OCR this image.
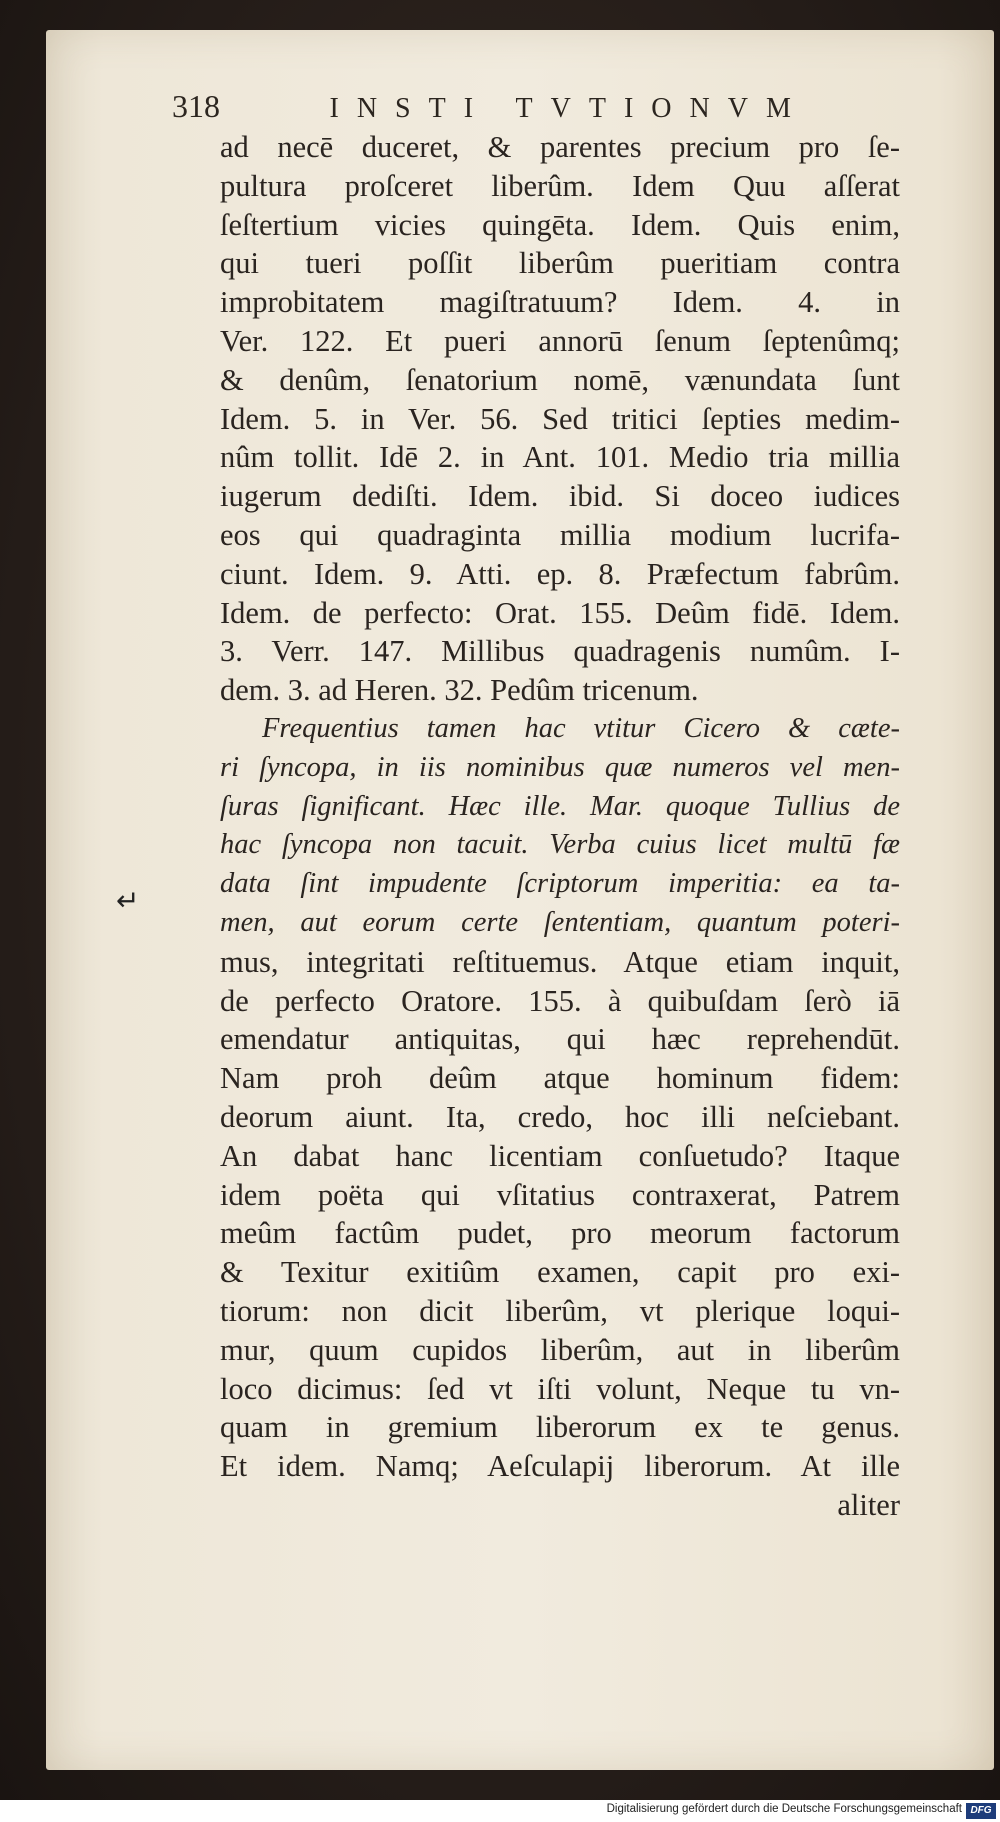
318	INSTI TVTIONVM
↵
ad necē duceret, & parentes precium pro ſe-
pultura proſceret liberûm. Idem Quu aſſerat
ſeſtertium vicies quingēta. Idem. Quis enim,
qui tueri poſſit liberûm pueritiam contra
improbitatem magiſtratuum? Idem. 4. in
Ver. 122. Et pueri annorū ſenum ſeptenûmq;
& denûm, ſenatorium nomē, vænundata ſunt
Idem. 5. in Ver. 56. Sed tritici ſepties medim-
nûm tollit. Idē 2. in Ant. 101. Medio tria millia
iugerum dediſti. Idem. ibid. Si doceo iudices
eos qui quadraginta millia modium lucrifa-
ciunt. Idem. 9. Atti. ep. 8. Præfectum fabrûm.
Idem. de perfecto: Orat. 155. Deûm fidē. Idem.
3. Verr. 147. Millibus quadragenis numûm. I-
dem. 3. ad Heren. 32. Pedûm tricenum.
Frequentius tamen hac vtitur Cicero & cæte-
ri ſyncopa, in iis nominibus quæ numeros vel men-
ſuras ſignificant. Hæc ille. Mar. quoque Tullius de
hac ſyncopa non tacuit. Verba cuius licet multū fæ
data ſint impudente ſcriptorum imperitia: ea ta-
men, aut eorum certe ſententiam, quantum poteri-
mus, integritati reſtituemus. Atque etiam inquit,
de perfecto Oratore. 155. à quibuſdam ſerò iā
emendatur antiquitas, qui hæc reprehendūt.
Nam proh deûm atque hominum fidem:
deorum aiunt. Ita, credo, hoc illi neſciebant.
An dabat hanc licentiam conſuetudo? Itaque
idem poëta qui vſitatius contraxerat, Patrem
meûm factûm pudet, pro meorum factorum
& Texitur exitiûm examen, capit pro exi-
tiorum: non dicit liberûm, vt plerique loqui-
mur, quum cupidos liberûm, aut in liberûm
loco dicimus: ſed vt iſti volunt, Neque tu vn-
quam in gremium liberorum ex te genus.
Et idem. Namq; Aeſculapij liberorum. At ille
aliter
Digitalisierung gefördert durch die Deutsche Forschungsgemeinschaft DFG
